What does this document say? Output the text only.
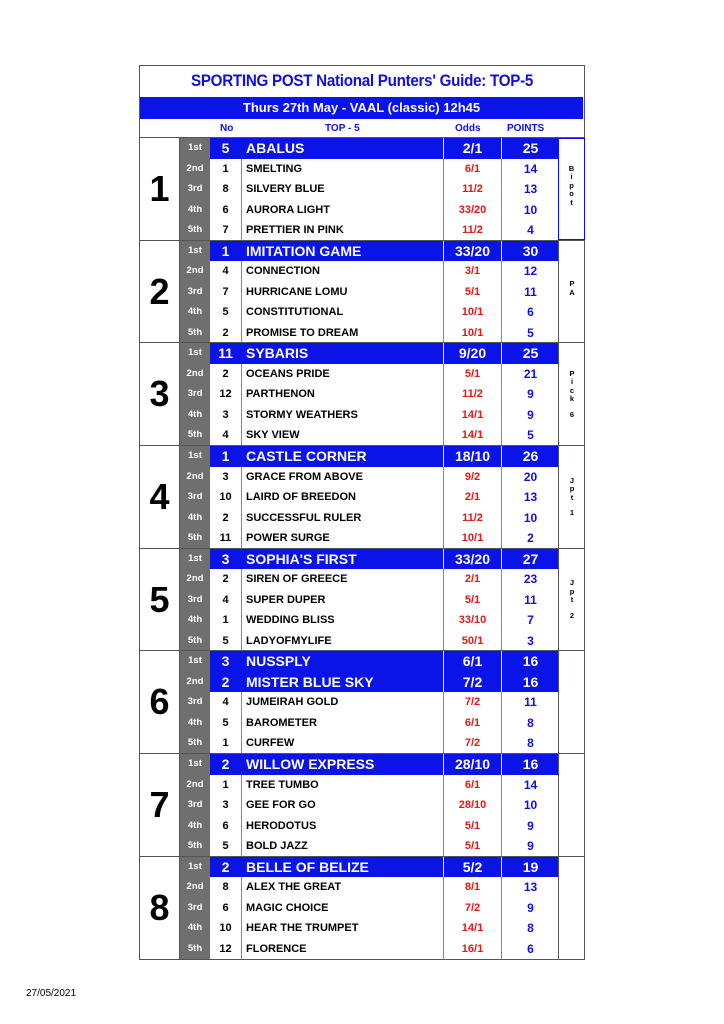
SPORTING POST National Punters' Guide: TOP-5
Thurs 27th May - VAAL (classic) 12h45
No	TOP - 5	Odds	POINTS
1
1st	5	ABALUS	2/1	25
2nd	1	SMELTING	6/1	14
3rd	8	SILVERY BLUE	11/2	13
4th	6	AURORA LIGHT	33/20	10
5th	7	PRETTIER IN PINK	11/2	4
Bipot
2
1st	1	IMITATION GAME	33/20	30
2nd	4	CONNECTION	3/1	12
3rd	7	HURRICANE LOMU	5/1	11
4th	5	CONSTITUTIONAL	10/1	6
5th	2	PROMISE TO DREAM	10/1	5
PA
3
1st	11 SYBARIS	9/20	25
2nd	2	OCEANS PRIDE	5/1	21
3rd	12	PARTHENON	11/2	9
4th	3	STORMY WEATHERS	14/1	9
5th	4	SKY VIEW	14/1	5
Pick
6
4
1st	1	CASTLE CORNER	18/10	26
2nd	3	GRACE FROM ABOVE	9/2	20
3rd	10	LAIRD OF BREEDON	2/1	13
4th	2	SUCCESSFUL RULER	11/2	10
5th	11	POWER SURGE	10/1	2
Jpt
1
5
1st	3	SOPHIA'S FIRST	33/20	27
2nd	2	SIREN OF GREECE	2/1	23
3rd	4	SUPER DUPER	5/1	11
4th	1	WEDDING BLISS	33/10	7
5th	5	LADYOFMYLIFE	50/1	3
Jpt
2
6
1st	3	NUSSPLY	6/1	16
2nd	2	MISTER BLUE SKY	7/2	16
3rd	4	JUMEIRAH GOLD	7/2	11
4th	5	BAROMETER	6/1	8
5th	1	CURFEW	7/2	8
7
1st	2	WILLOW EXPRESS	28/10	16
2nd	1	TREE TUMBO	6/1	14
3rd	3	GEE FOR GO	28/10	10
4th	6	HERODOTUS	5/1	9
5th	5	BOLD JAZZ	5/1	9
8
1st	2	BELLE OF BELIZE	5/2	19
2nd	8	ALEX THE GREAT	8/1	13
3rd	6	MAGIC CHOICE	7/2	9
4th	10	HEAR THE TRUMPET	14/1	8
5th	12	FLORENCE	16/1	6
27/05/2021
